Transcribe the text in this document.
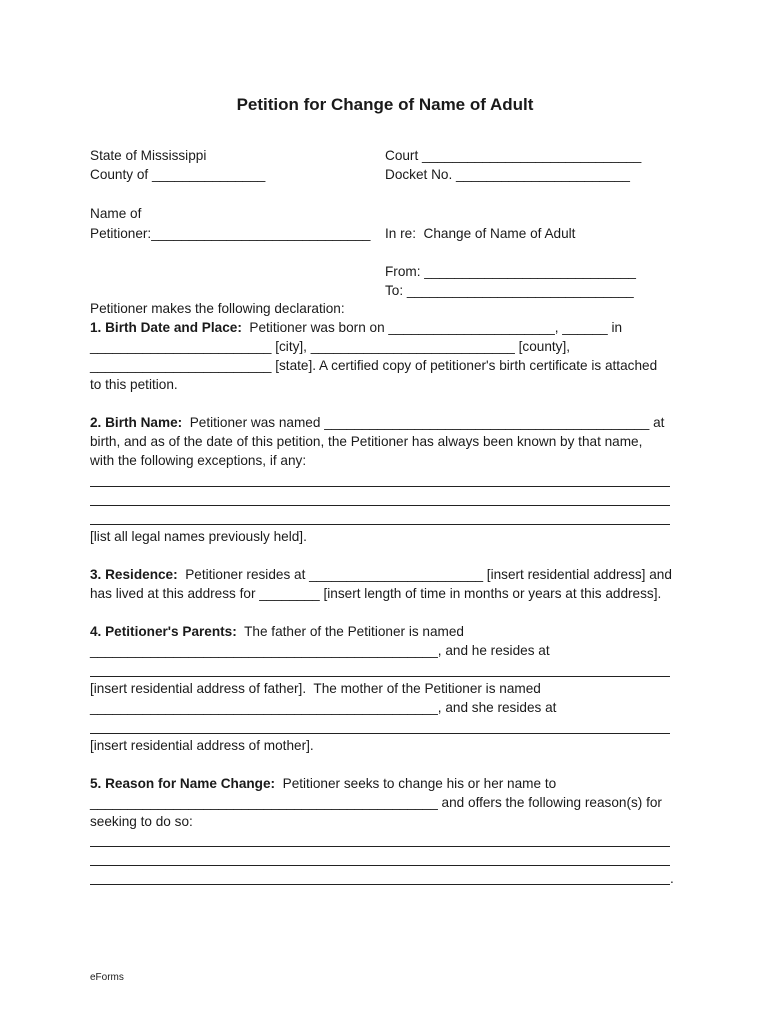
Petition for Change of Name of Adult
State of Mississippi
County of _______________
Court _____________________________
Docket No. _______________________
Name of
Petitioner:_____________________________ In re:  Change of Name of Adult
From: ____________________________
To: ______________________________
Petitioner makes the following declaration:
1. Birth Date and Place:  Petitioner was born on ______________________, ______ in
________________________ [city], ___________________________ [county],
________________________ [state]. A certified copy of petitioner's birth certificate is attached
to this petition.
2. Birth Name:  Petitioner was named ___________________________________________ at
birth, and as of the date of this petition, the Petitioner has always been known by that name,
with the following exceptions, if any:
[list all legal names previously held].
3. Residence:  Petitioner resides at _______________________ [insert residential address] and
has lived at this address for ________ [insert length of time in months or years at this address].
4. Petitioner's Parents:  The father of the Petitioner is named
______________________________________________, and he resides at
[insert residential address of father].  The mother of the Petitioner is named
______________________________________________, and she resides at
[insert residential address of mother].
5. Reason for Name Change:  Petitioner seeks to change his or her name to
______________________________________________ and offers the following reason(s) for
seeking to do so:
.
eForms
